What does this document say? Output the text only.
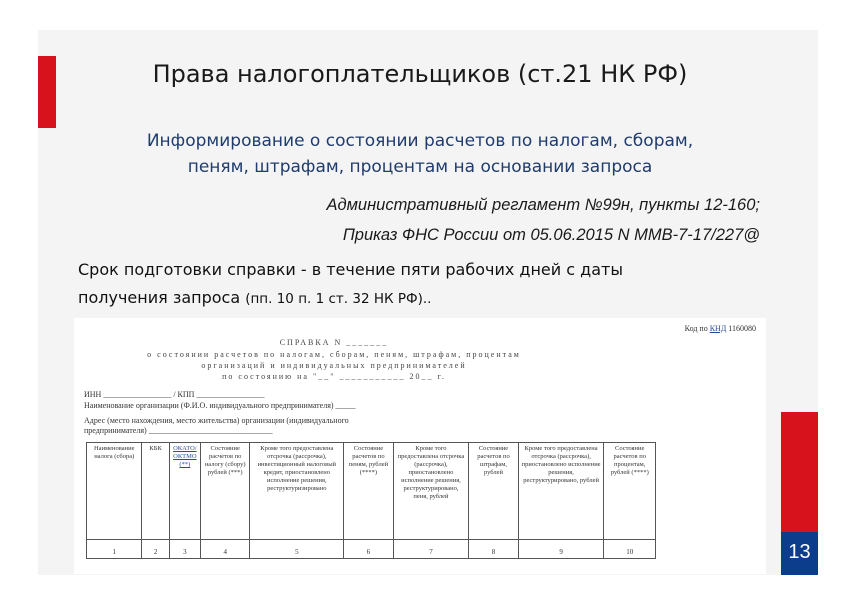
13
Права налогоплательщиков (ст.21 НК РФ)
Информирование о состоянии расчетов по налогам, сборам,
пеням, штрафам, процентам на основании запроса
Административный регламент №99н, пункты 12-160;
Приказ ФНС России от 05.06.2015 N ММВ-7-17/227@
Срок подготовки справки - в течение пяти рабочих дней с даты
получения запроса (пп. 10 п. 1 ст. 32 НК РФ)..
Код по КНД 1160080
СПРАВКА N _______
о состоянии расчетов по налогам, сборам, пеням, штрафам, процентам
организаций и индивидуальных предпринимателей
по состоянию на "__" ___________ 20__ г.
ИНН _________________ / КПП _________________
Наименование организации (Ф.И.О. индивидуального предпринимателя) _____
Адрес (место нахождения, место жительства) организации (индивидуального
предпринимателя) _______________________________
Наименование налога (сбора)	КБК	ОКАТО/ОКТМО (**)	Состояние расчетов по налогу (сбору) рублей (***)	Кроме того предоставлена отсрочка (рассрочка), инвестиционный налоговый кредит, приостановлено исполнение решения, реструктуризировано	Состояние расчетов по пеням, рублей (****)	Кроме того предоставлена отсрочка (рассрочка), приостановлено исполнение решения, реструктурировано, пеня, рублей	Состояние расчетов по штрафам, рублей	Кроме того предоставлена отсрочка (рассрочка), приостановлено исполнение решения, реструктурировано, рублей	Состояние расчетов по процентам, рублей (****)
1	2	3	4	5	6	7	8	9	10
